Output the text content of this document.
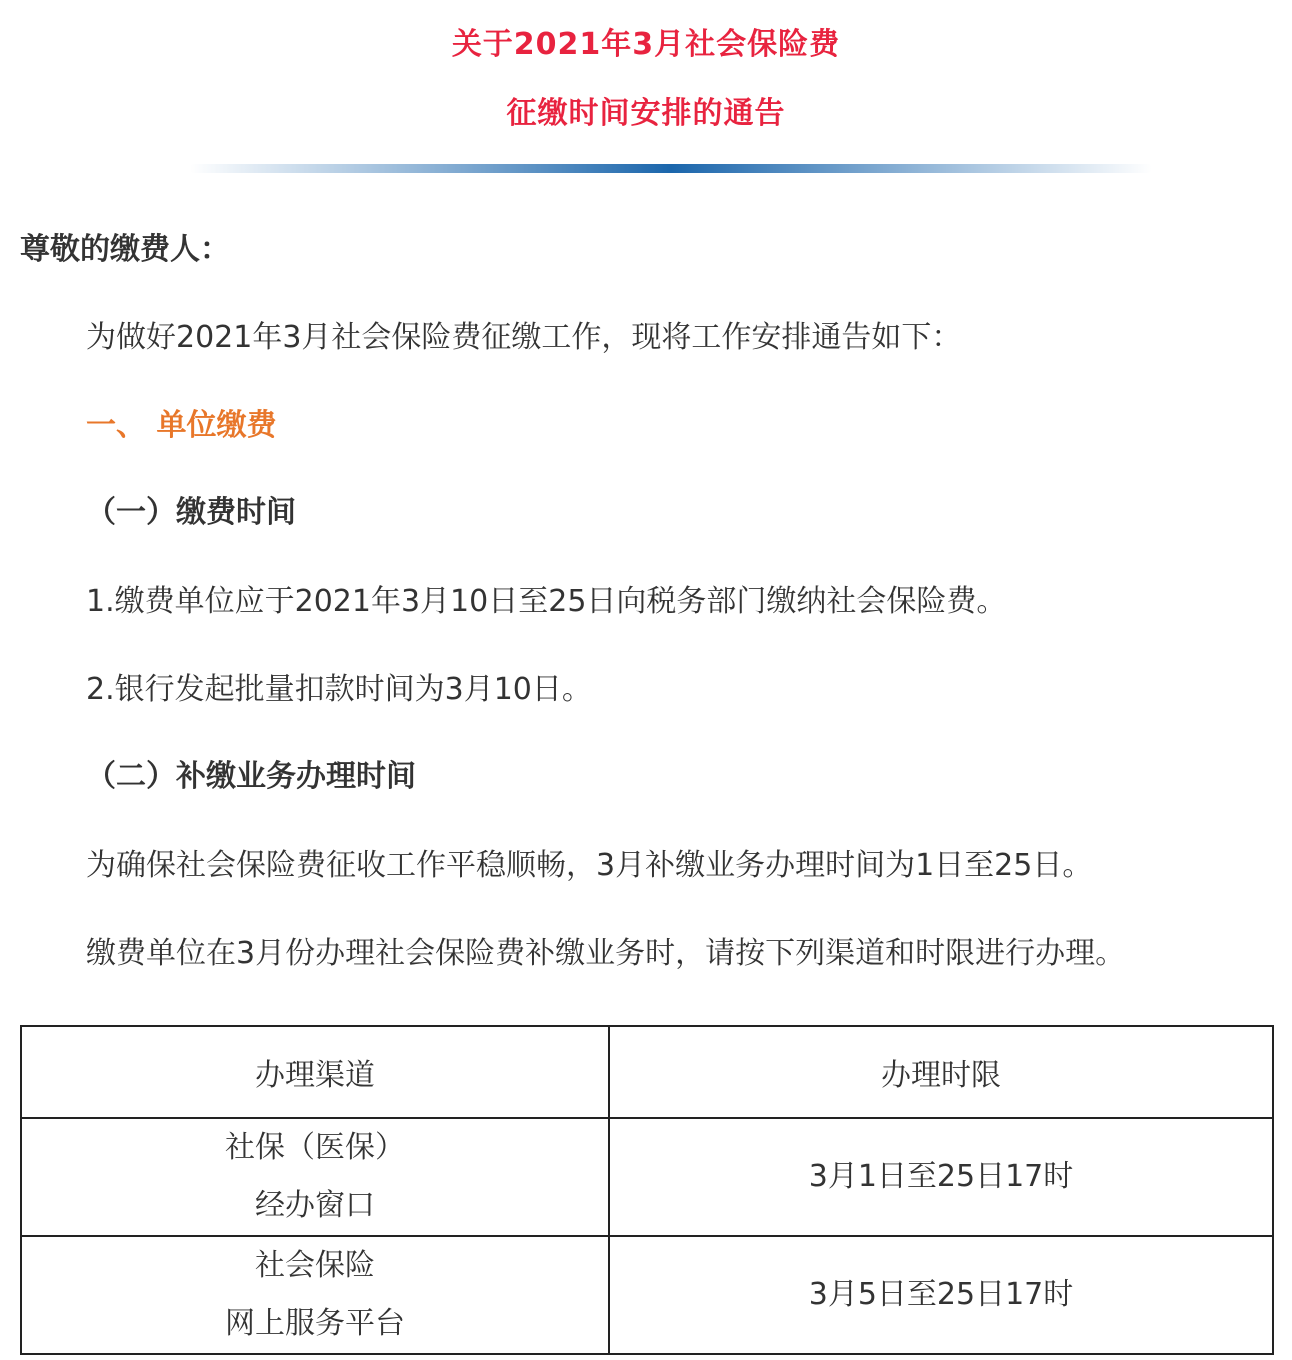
关于2021年3月社会保险费
征缴时间安排的通告
尊敬的缴费人：
为做好2021年3月社会保险费征缴工作，现将工作安排通告如下：
一、 单位缴费
（一）缴费时间
1.缴费单位应于2021年3月10日至25日向税务部门缴纳社会保险费。
2.银行发起批量扣款时间为3月10日。
（二）补缴业务办理时间
为确保社会保险费征收工作平稳顺畅，3月补缴业务办理时间为1日至25日。
缴费单位在3月份办理社会保险费补缴业务时，请按下列渠道和时限进行办理。
办理渠道	办理时限

社保（医保）
经办窗口	3月1日至25日17时

社会保险
网上服务平台	3月5日至25日17时
